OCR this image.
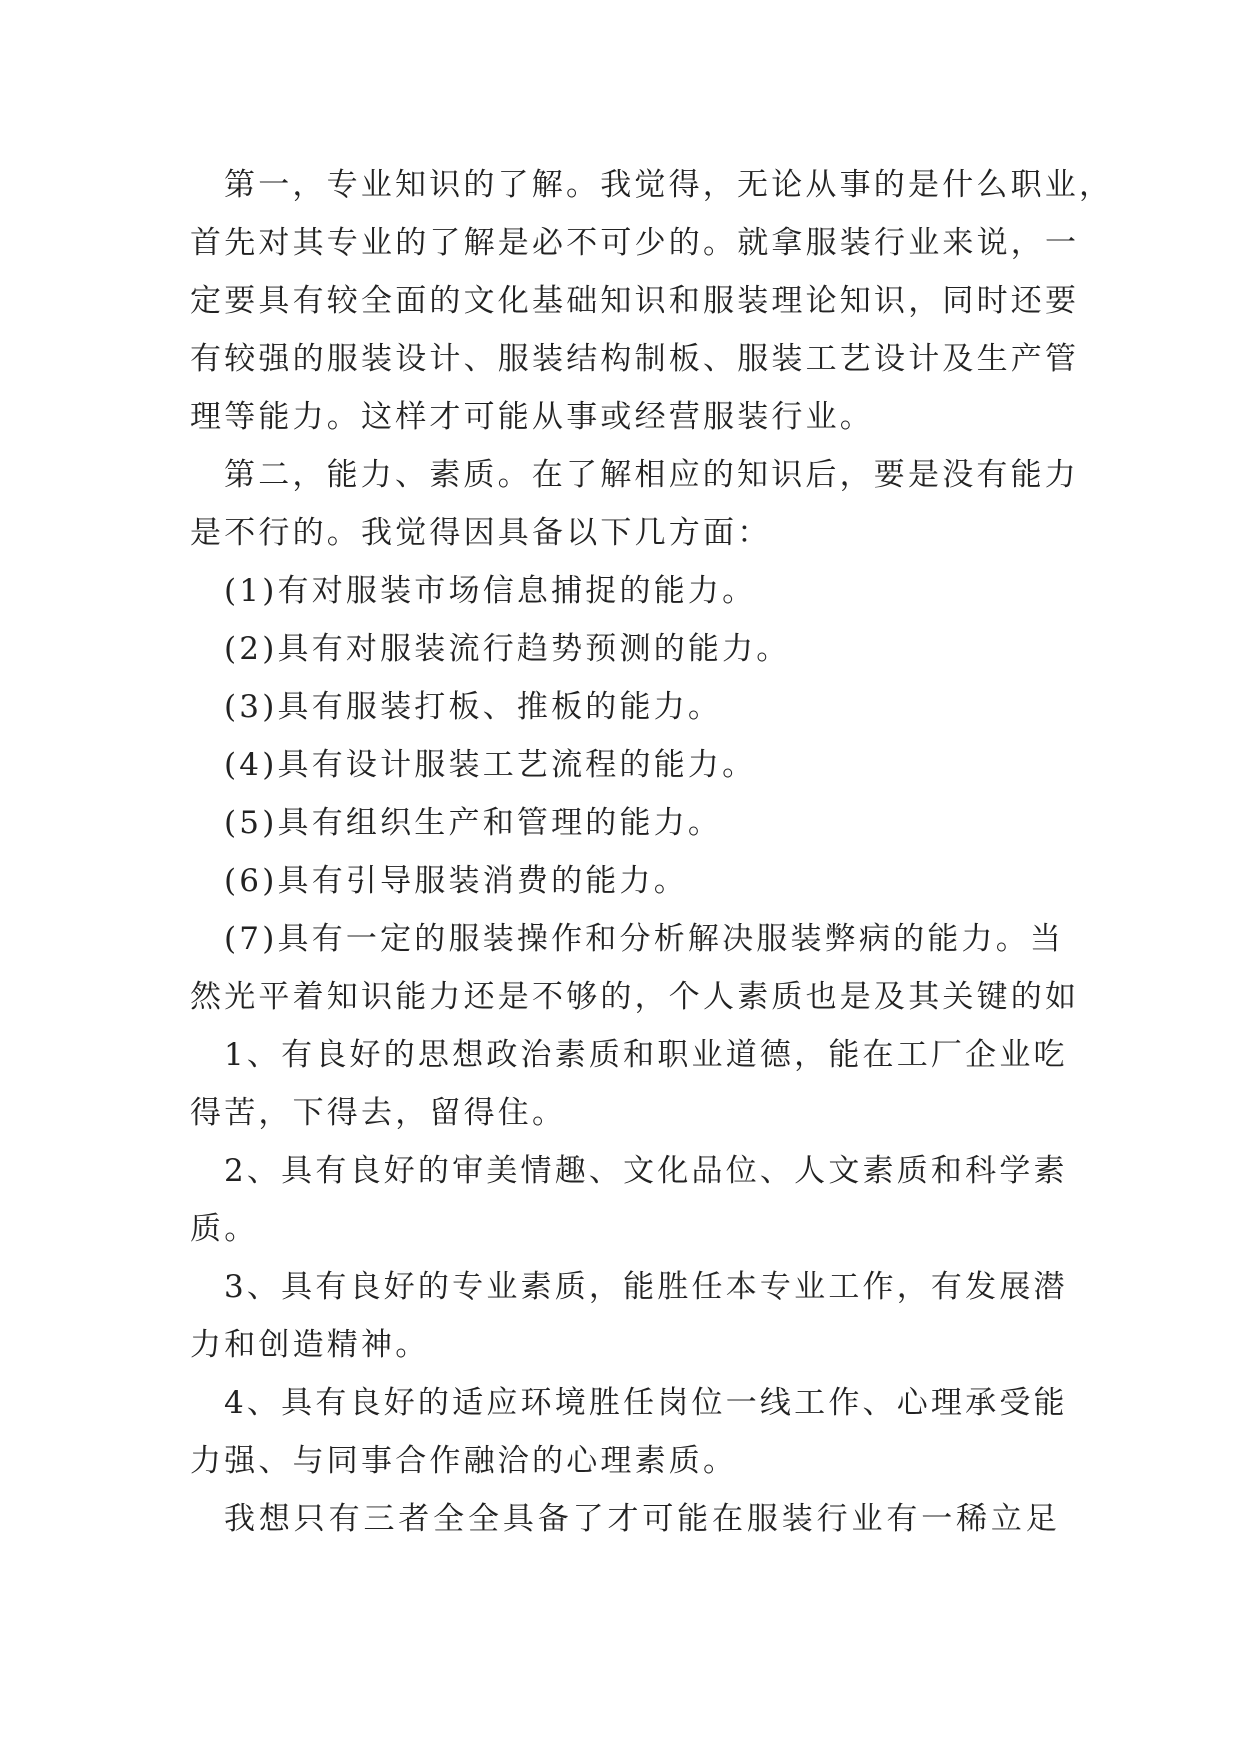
第一，专业知识的了解。我觉得，无论从事的是什么职业，
首先对其专业的了解是必不可少的。就拿服装行业来说，一
定要具有较全面的文化基础知识和服装理论知识，同时还要
有较强的服装设计、服装结构制板、服装工艺设计及生产管
理等能力。这样才可能从事或经营服装行业。
第二，能力、素质。在了解相应的知识后，要是没有能力
是不行的。我觉得因具备以下几方面：
(1)有对服装市场信息捕捉的能力。
(2)具有对服装流行趋势预测的能力。
(3)具有服装打板、推板的能力。
(4)具有设计服装工艺流程的能力。
(5)具有组织生产和管理的能力。
(6)具有引导服装消费的能力。
(7)具有一定的服装操作和分析解决服装弊病的能力。当
然光平着知识能力还是不够的，个人素质也是及其关键的如
1、有良好的思想政治素质和职业道德，能在工厂企业吃
得苦，下得去，留得住。
2、具有良好的审美情趣、文化品位、人文素质和科学素
质。
3、具有良好的专业素质，能胜任本专业工作，有发展潜
力和创造精神。
4、具有良好的适应环境胜任岗位一线工作、心理承受能
力强、与同事合作融洽的心理素质。
我想只有三者全全具备了才可能在服装行业有一稀立足
